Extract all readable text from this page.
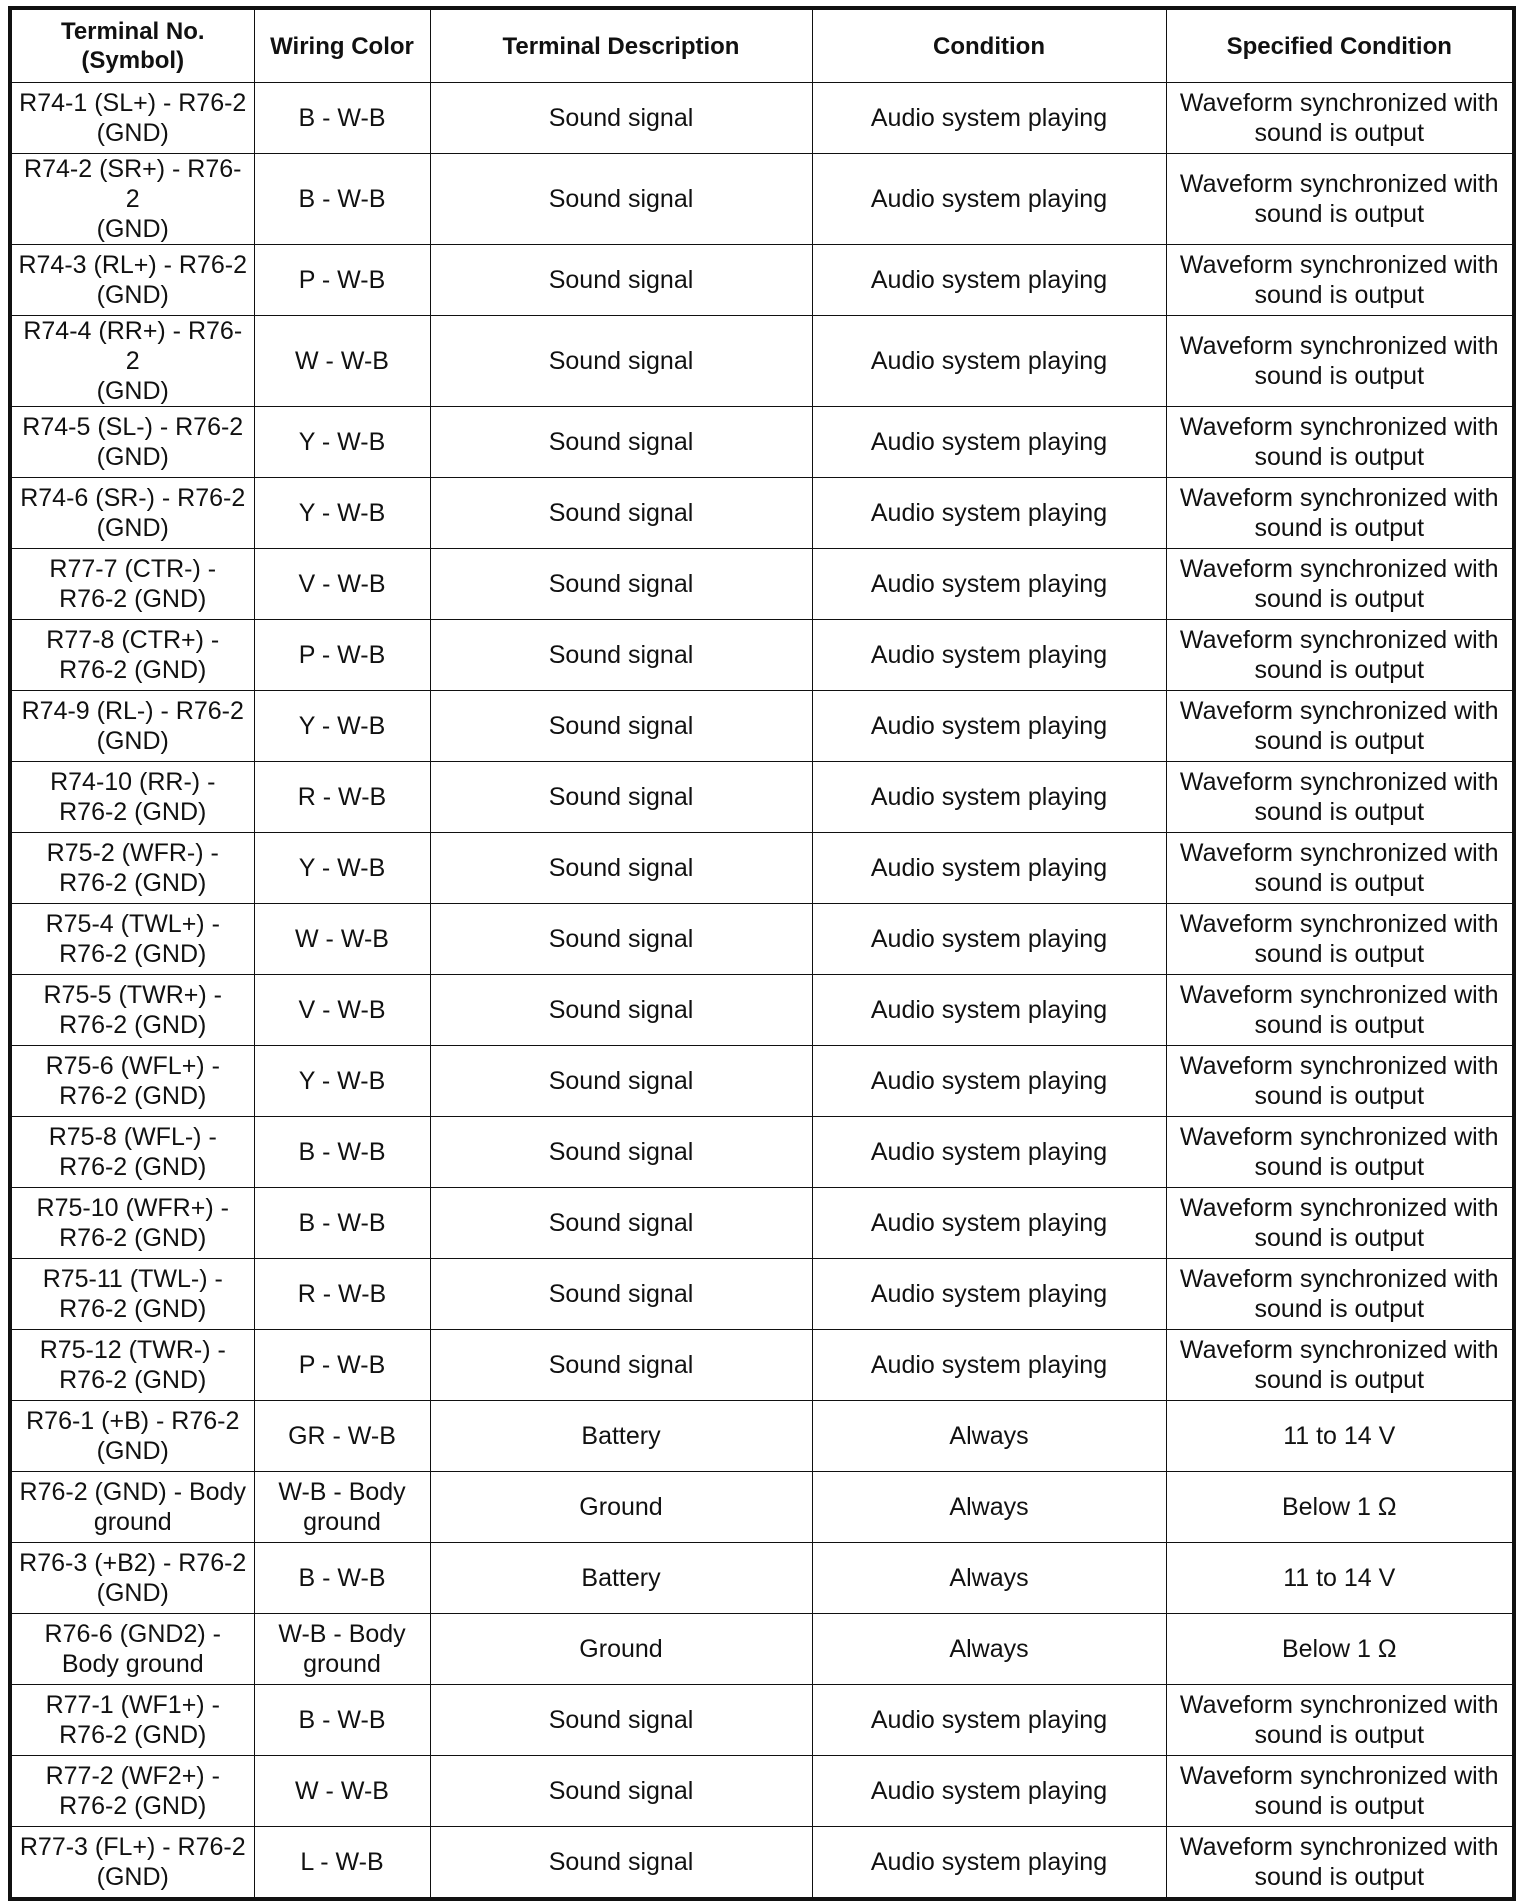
Terminal No.
(Symbol)	Wiring Color	Terminal Description	Condition	Specified Condition

R74-1 (SL+) - R76-2
(GND)	B - W-B	Sound signal	Audio system playing	Waveform synchronized with
sound is output

R74-2 (SR+) - R76-2
(GND)	B - W-B	Sound signal	Audio system playing	Waveform synchronized with
sound is output

R74-3 (RL+) - R76-2
(GND)	P - W-B	Sound signal	Audio system playing	Waveform synchronized with
sound is output

R74-4 (RR+) - R76-2
(GND)	W - W-B	Sound signal	Audio system playing	Waveform synchronized with
sound is output

R74-5 (SL-) - R76-2
(GND)	Y - W-B	Sound signal	Audio system playing	Waveform synchronized with
sound is output

R74-6 (SR-) - R76-2
(GND)	Y - W-B	Sound signal	Audio system playing	Waveform synchronized with
sound is output

R77-7 (CTR-) -
R76-2 (GND)	V - W-B	Sound signal	Audio system playing	Waveform synchronized with
sound is output

R77-8 (CTR+) -
R76-2 (GND)	P - W-B	Sound signal	Audio system playing	Waveform synchronized with
sound is output

R74-9 (RL-) - R76-2
(GND)	Y - W-B	Sound signal	Audio system playing	Waveform synchronized with
sound is output

R74-10 (RR-) -
R76-2 (GND)	R - W-B	Sound signal	Audio system playing	Waveform synchronized with
sound is output

R75-2 (WFR-) -
R76-2 (GND)	Y - W-B	Sound signal	Audio system playing	Waveform synchronized with
sound is output

R75-4 (TWL+) -
R76-2 (GND)	W - W-B	Sound signal	Audio system playing	Waveform synchronized with
sound is output

R75-5 (TWR+) -
R76-2 (GND)	V - W-B	Sound signal	Audio system playing	Waveform synchronized with
sound is output

R75-6 (WFL+) -
R76-2 (GND)	Y - W-B	Sound signal	Audio system playing	Waveform synchronized with
sound is output

R75-8 (WFL-) -
R76-2 (GND)	B - W-B	Sound signal	Audio system playing	Waveform synchronized with
sound is output

R75-10 (WFR+) -
R76-2 (GND)	B - W-B	Sound signal	Audio system playing	Waveform synchronized with
sound is output

R75-11 (TWL-) -
R76-2 (GND)	R - W-B	Sound signal	Audio system playing	Waveform synchronized with
sound is output

R75-12 (TWR-) -
R76-2 (GND)	P - W-B	Sound signal	Audio system playing	Waveform synchronized with
sound is output

R76-1 (+B) - R76-2
(GND)	GR - W-B	Battery	Always	11 to 14 V

R76-2 (GND) - Body
ground	W-B - Body
ground	Ground	Always	Below 1 Ω

R76-3 (+B2) - R76-2
(GND)	B - W-B	Battery	Always	11 to 14 V

R76-6 (GND2) -
Body ground	W-B - Body
ground	Ground	Always	Below 1 Ω

R77-1 (WF1+) -
R76-2 (GND)	B - W-B	Sound signal	Audio system playing	Waveform synchronized with
sound is output

R77-2 (WF2+) -
R76-2 (GND)	W - W-B	Sound signal	Audio system playing	Waveform synchronized with
sound is output

R77-3 (FL+) - R76-2
(GND)	L - W-B	Sound signal	Audio system playing	Waveform synchronized with
sound is output
